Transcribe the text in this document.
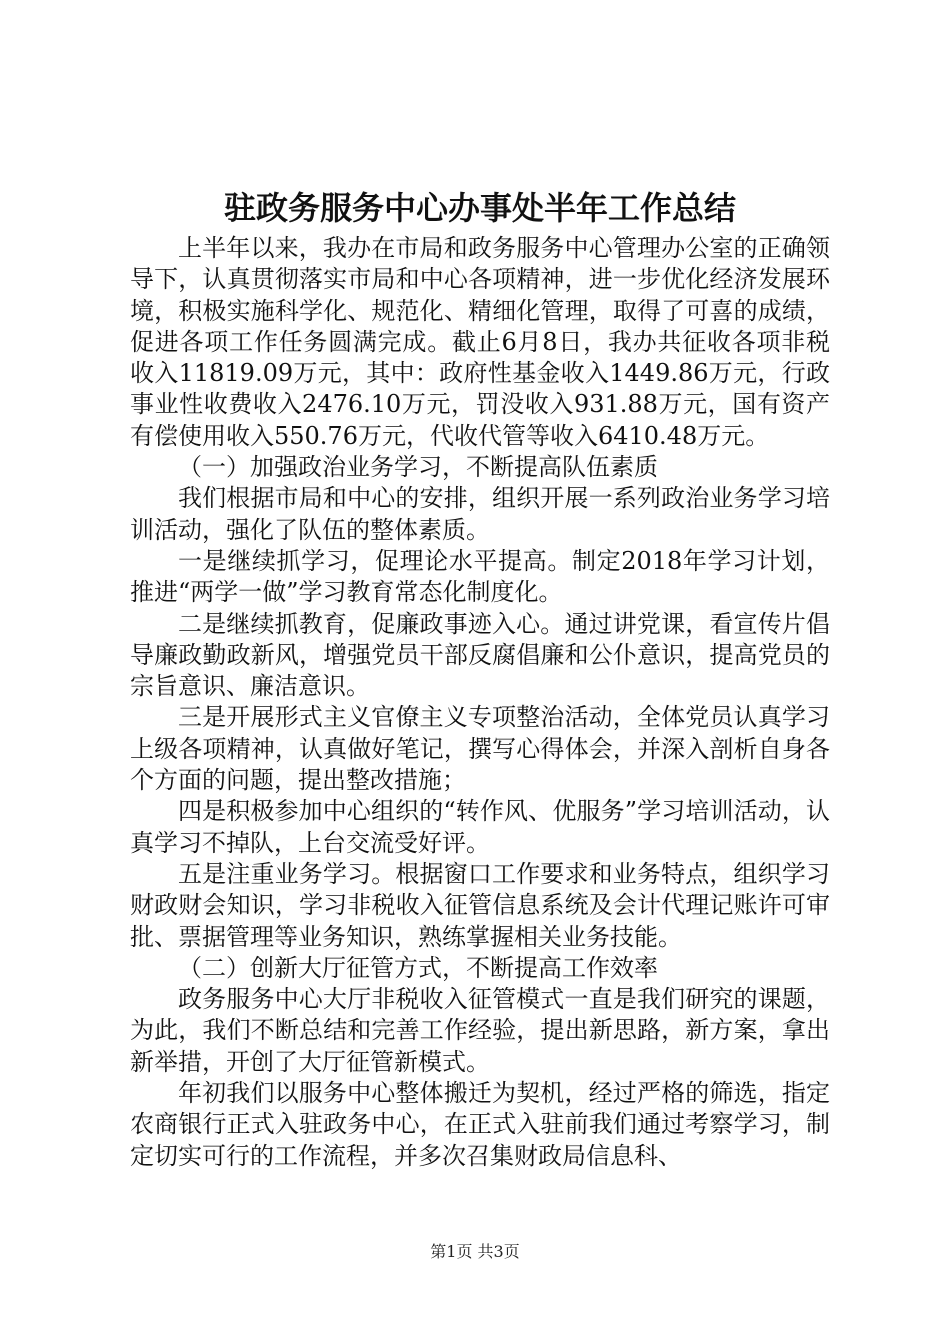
驻政务服务中心办事处半年工作总结

上半年以来，我办在市局和政务服务中心管理办公室的正确领导下，认真贯彻落实市局和中心各项精神，进一步优化经济发展环境，积极实施科学化、规范化、精细化管理，取得了可喜的成绩，促进各项工作任务圆满完成。截止6月8日，我办共征收各项非税收入11819.09万元，其中：政府性基金收入1449.86万元，行政事业性收费收入2476.10万元，罚没收入931.88万元，国有资产有偿使用收入550.76万元，代收代管等收入6410.48万元。

（一）加强政治业务学习，不断提高队伍素质

我们根据市局和中心的安排，组织开展一系列政治业务学习培训活动，强化了队伍的整体素质。

一是继续抓学习，促理论水平提高。制定2018年学习计划，推进“两学一做”学习教育常态化制度化。

二是继续抓教育，促廉政事迹入心。通过讲党课，看宣传片倡导廉政勤政新风，增强党员干部反腐倡廉和公仆意识，提高党员的宗旨意识、廉洁意识。

三是开展形式主义官僚主义专项整治活动，全体党员认真学习上级各项精神，认真做好笔记，撰写心得体会，并深入剖析自身各个方面的问题，提出整改措施；

四是积极参加中心组织的“转作风、优服务”学习培训活动，认真学习不掉队，上台交流受好评。

五是注重业务学习。根据窗口工作要求和业务特点，组织学习财政财会知识，学习非税收入征管信息系统及会计代理记账许可审批、票据管理等业务知识，熟练掌握相关业务技能。

（二）创新大厅征管方式，不断提高工作效率

政务服务中心大厅非税收入征管模式一直是我们研究的课题，为此，我们不断总结和完善工作经验，提出新思路，新方案，拿出新举措，开创了大厅征管新模式。

年初我们以服务中心整体搬迁为契机，经过严格的筛选，指定农商银行正式入驻政务中心，在正式入驻前我们通过考察学习，制定切实可行的工作流程，并多次召集财政局信息科、

第1页 共3页
